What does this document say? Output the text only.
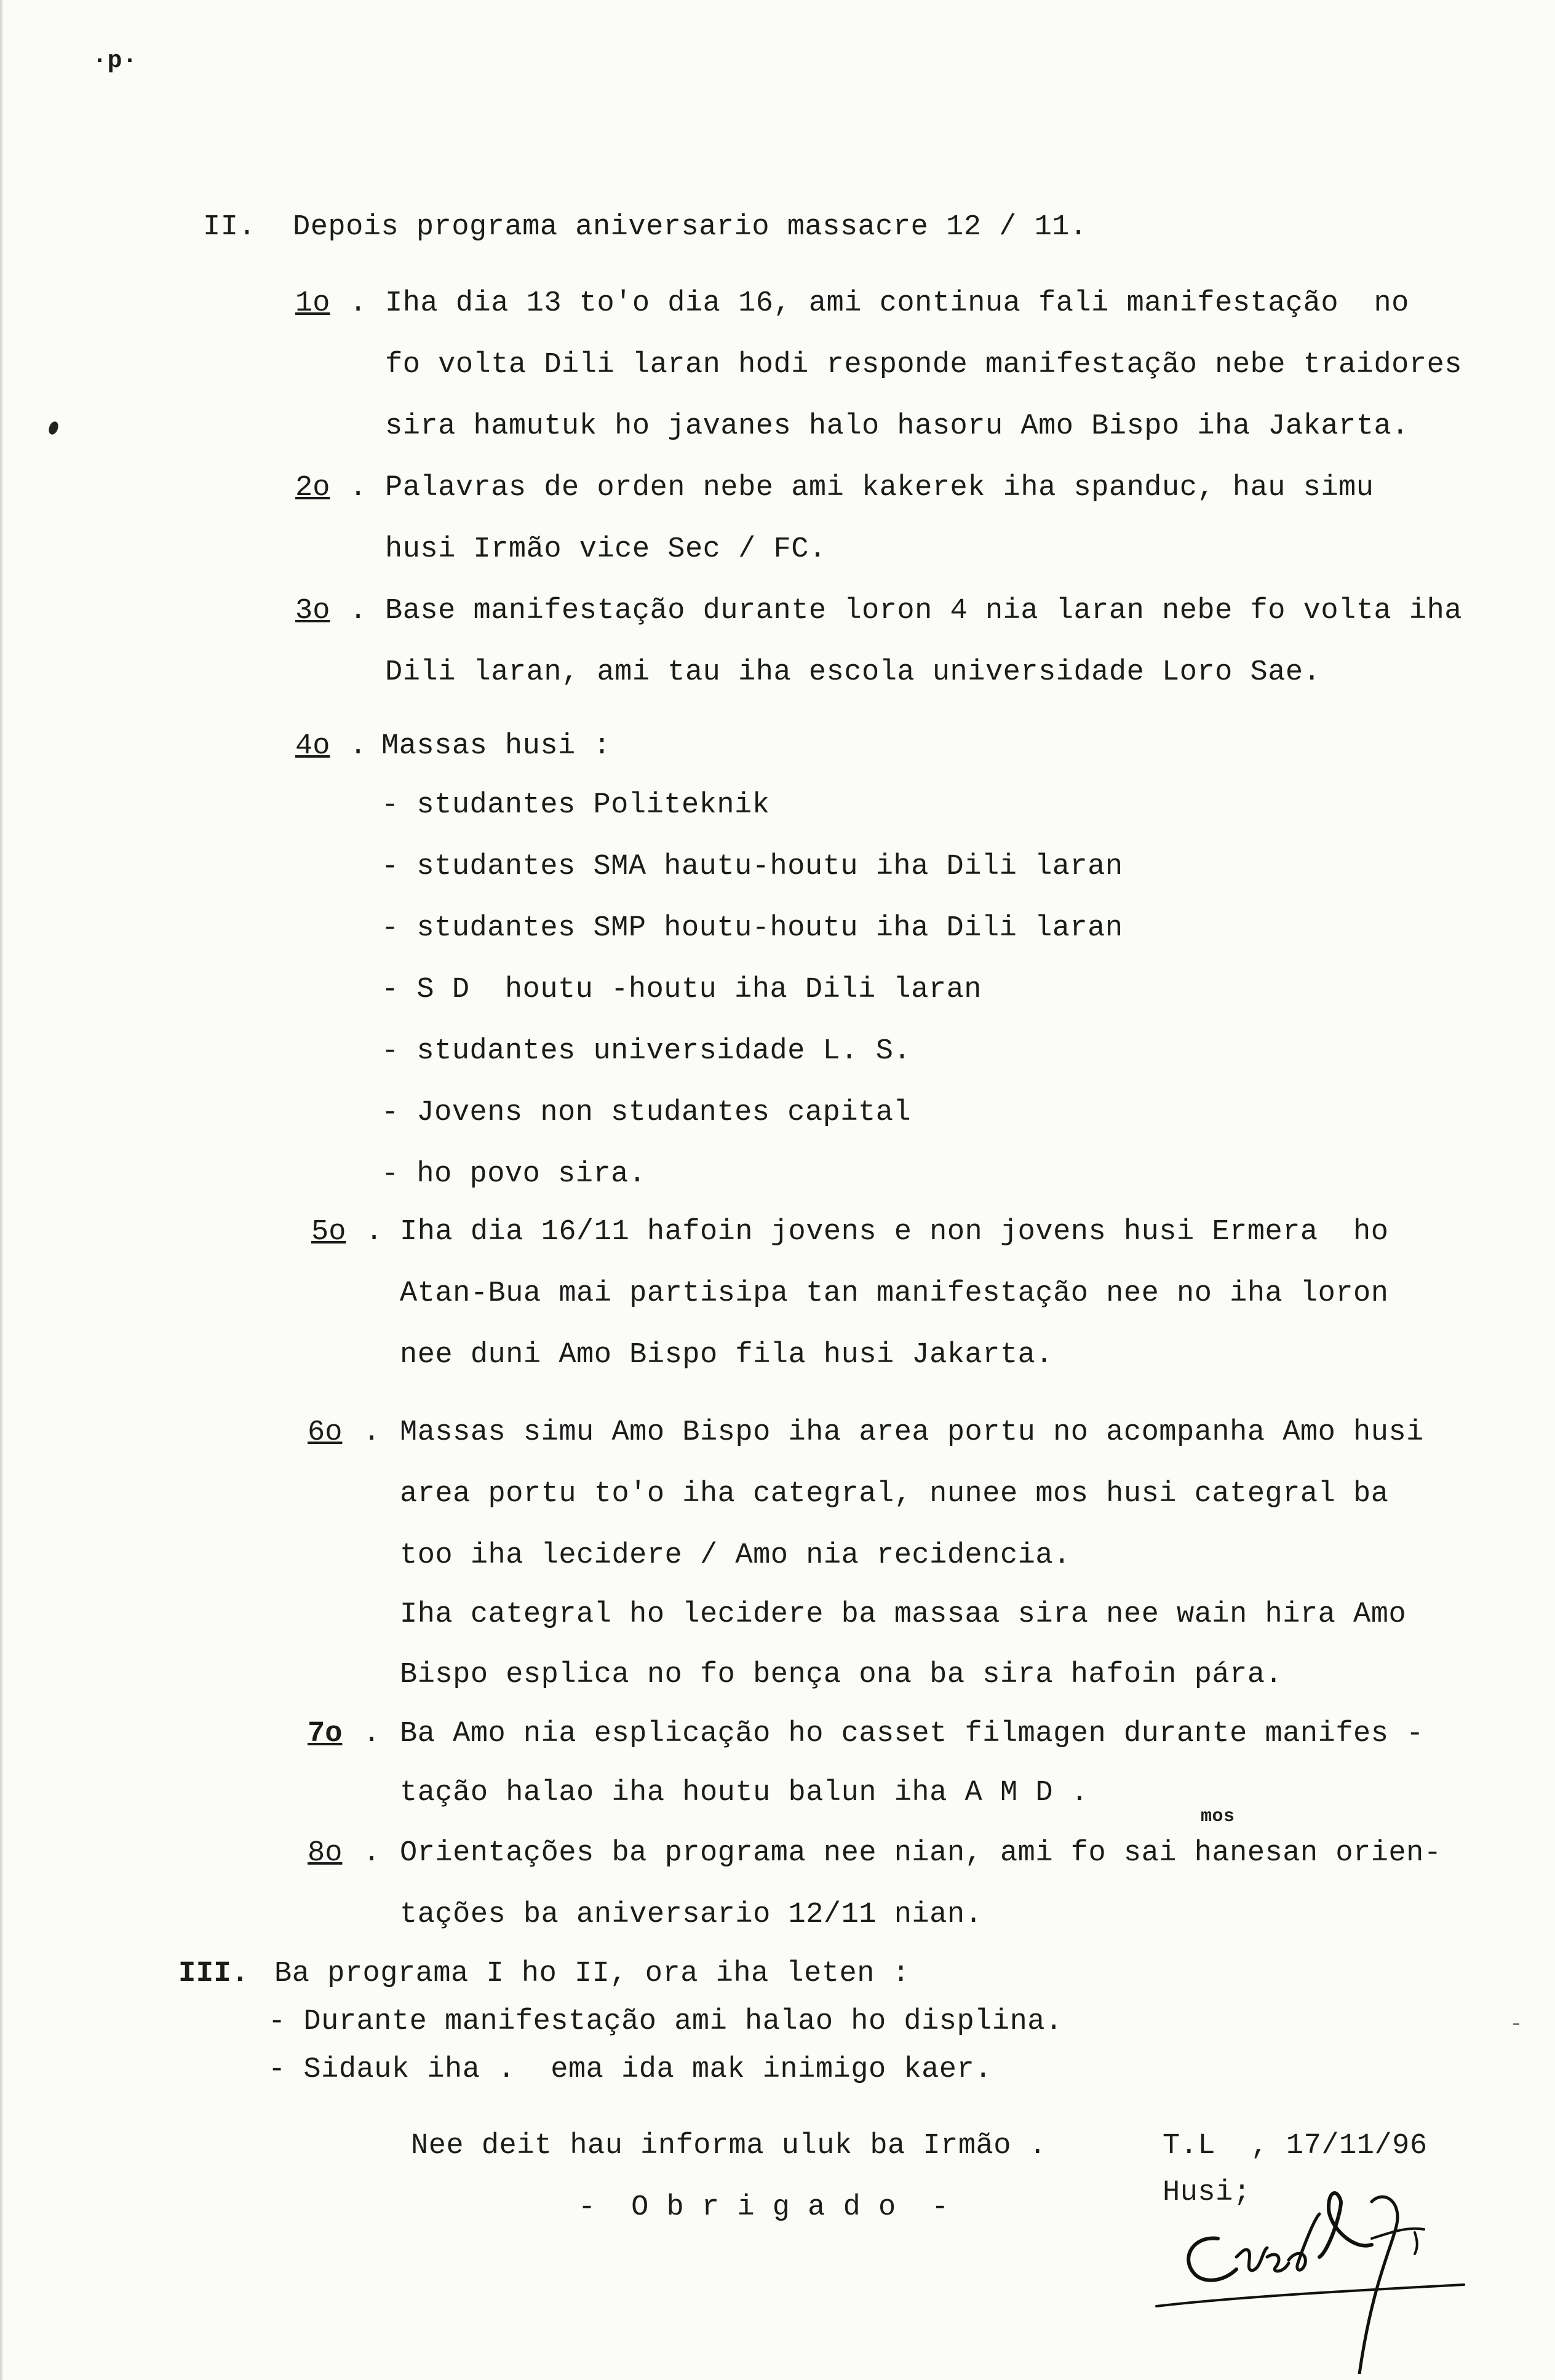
·p·
II. Depois programa aniversario massacre 12 / 11.
1o . Iha dia 13 to'o dia 16, ami continua fali manifestação  no
fo volta Dili laran hodi responde manifestação nebe traidores
sira hamutuk ho javanes halo hasoru Amo Bispo iha Jakarta.
2o . Palavras de orden nebe ami kakerek iha spanduc, hau simu
husi Irmão vice Sec / FC.
3o . Base manifestação durante loron 4 nia laran nebe fo volta iha
Dili laran, ami tau iha escola universidade Loro Sae.
4o . Massas husi :
- studantes Politeknik
- studantes SMA hautu-houtu iha Dili laran
- studantes SMP houtu-houtu iha Dili laran
- S D  houtu -houtu iha Dili laran
- studantes universidade L. S.
- Jovens non studantes capital
- ho povo sira.
5o . Iha dia 16/11 hafoin jovens e non jovens husi Ermera  ho
Atan-Bua mai partisipa tan manifestação nee no iha loron
nee duni Amo Bispo fila husi Jakarta.
6o . Massas simu Amo Bispo iha area portu no acompanha Amo husi
area portu to'o iha categral, nunee mos husi categral ba
too iha lecidere / Amo nia recidencia.
Iha categral ho lecidere ba massaa sira nee wain hira Amo
Bispo esplica no fo bença ona ba sira hafoin pára.
7o . Ba Amo nia esplicação ho casset filmagen durante manifes -
tação halao iha houtu balun iha A M D .
mos
8o . Orientações ba programa nee nian, ami fo sai hanesan orien-
tações ba aniversario 12/11 nian.
III. Ba programa I ho II, ora iha leten :
- Durante manifestação ami halao ho displina.
- Sidauk iha .  ema ida mak inimigo kaer.
Nee deit hau informa uluk ba Irmão .
-  O b r i g a d o  -
T.L  , 17/11/96
Husi;
